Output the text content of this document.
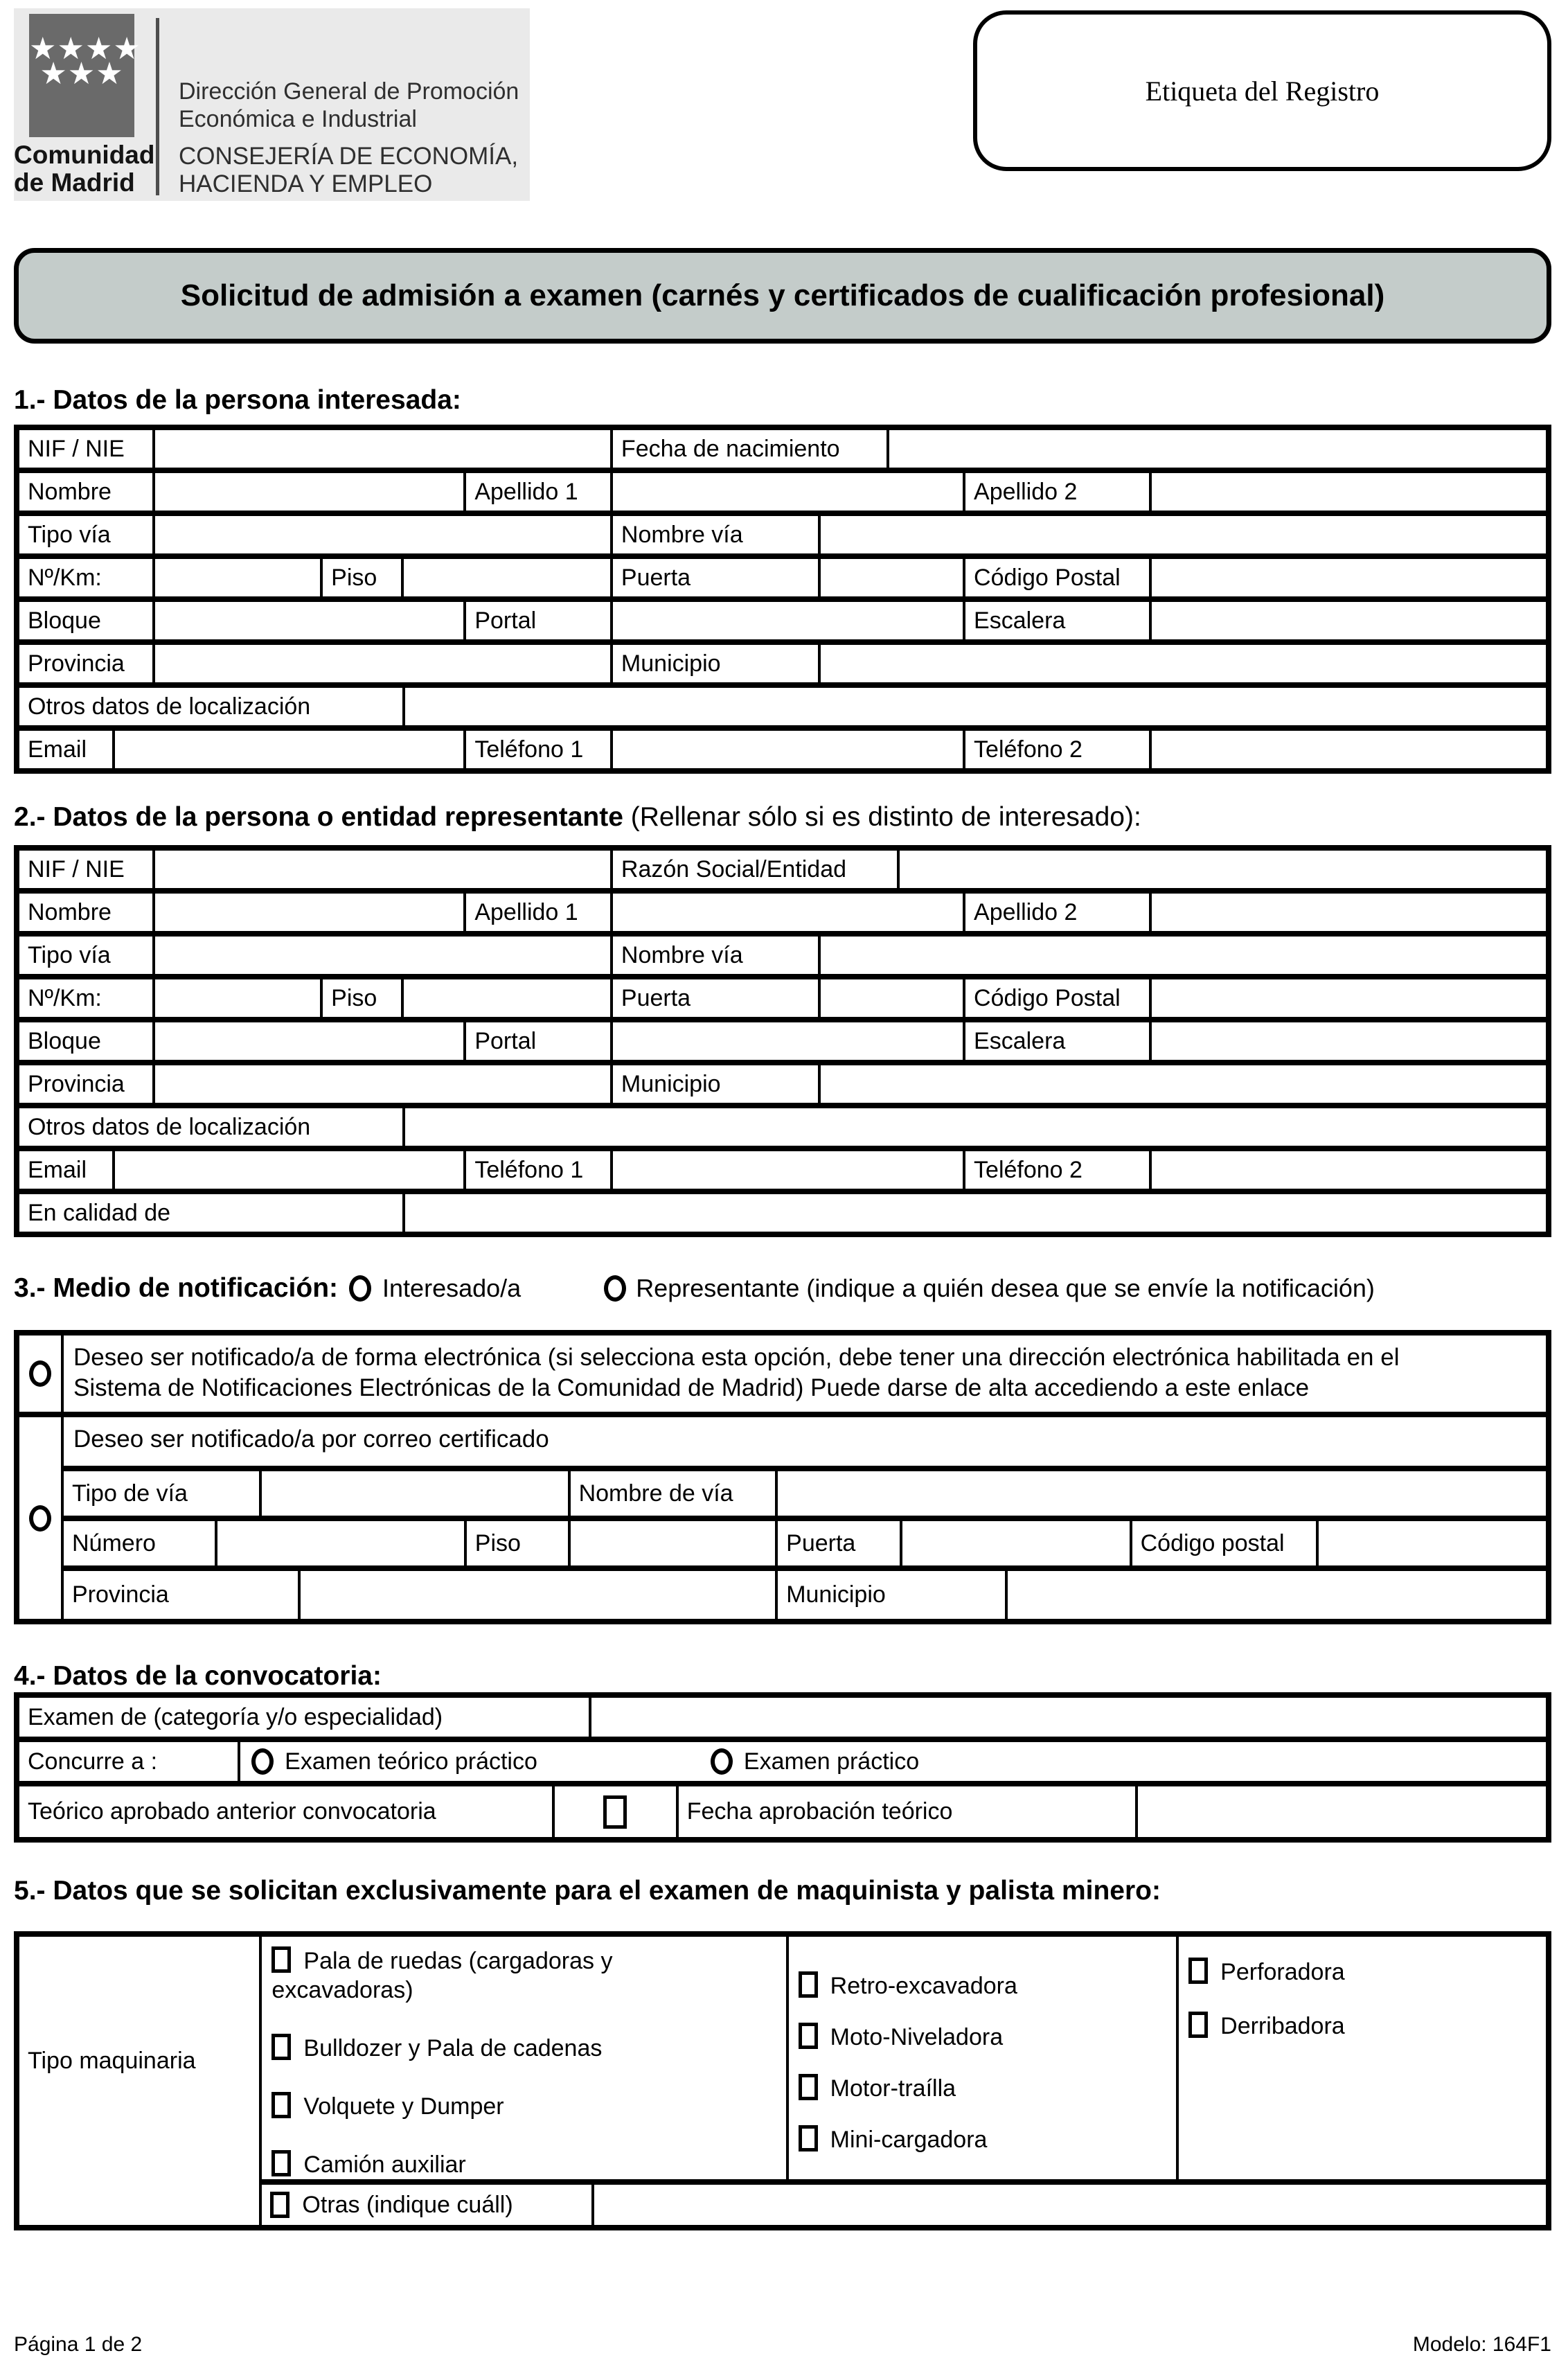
★★★★
★★★
Comunidad
de Madrid
Dirección General de Promoción
Económica e Industrial
CONSEJERÍA DE ECONOMÍA,
HACIENDA Y EMPLEO
Etiqueta del Registro
Solicitud de admisión a examen (carnés y certificados de cualificación profesional)
1.- Datos de la persona interesada:
NIF / NIE	Fecha de nacimiento
Nombre	Apellido 1	Apellido 2
Tipo vía	Nombre vía
Nº/Km:	Piso	Puerta	Código Postal
Bloque	Portal	Escalera
Provincia	Municipio
Otros datos de localización
Email	Teléfono 1	Teléfono 2
2.- Datos de la persona o entidad representante (Rellenar sólo si es distinto de interesado):
NIF / NIE	Razón Social/Entidad
Nombre	Apellido 1	Apellido 2
Tipo vía	Nombre vía
Nº/Km:	Piso	Puerta	Código Postal
Bloque	Portal	Escalera
Provincia	Municipio
Otros datos de localización
Email	Teléfono 1	Teléfono 2
En calidad de
3.- Medio de notificación: Interesado/a	Representante (indique a quién desea que se envíe la notificación)
Deseo ser notificado/a de forma electrónica (si selecciona esta opción, debe tener una dirección electrónica habilitada en el
Sistema de Notificaciones Electrónicas de la Comunidad de Madrid) Puede darse de alta accediendo a este enlace
Deseo ser notificado/a por correo certificado
Tipo de vía	Nombre de vía
Número	Piso	Puerta	Código postal
Provincia	Municipio
4.- Datos de la convocatoria:
Examen de (categoría y/o especialidad)
Concurre a :	Examen teórico práctico	Examen práctico
Teórico aprobado anterior convocatoria	Fecha aprobación teórico
5.- Datos que se solicitan exclusivamente para el examen de maquinista y palista minero:
Tipo maquinaria
Pala de ruedas (cargadoras y excavadoras)
Bulldozer y Pala de cadenas
Volquete y Dumper
Camión auxiliar
Retro-excavadora
Moto-Niveladora
Motor-traílla
Mini-cargadora
Perforadora
Derribadora
Otras (indique cuáll)
Página 1 de 2	Modelo: 164F1
